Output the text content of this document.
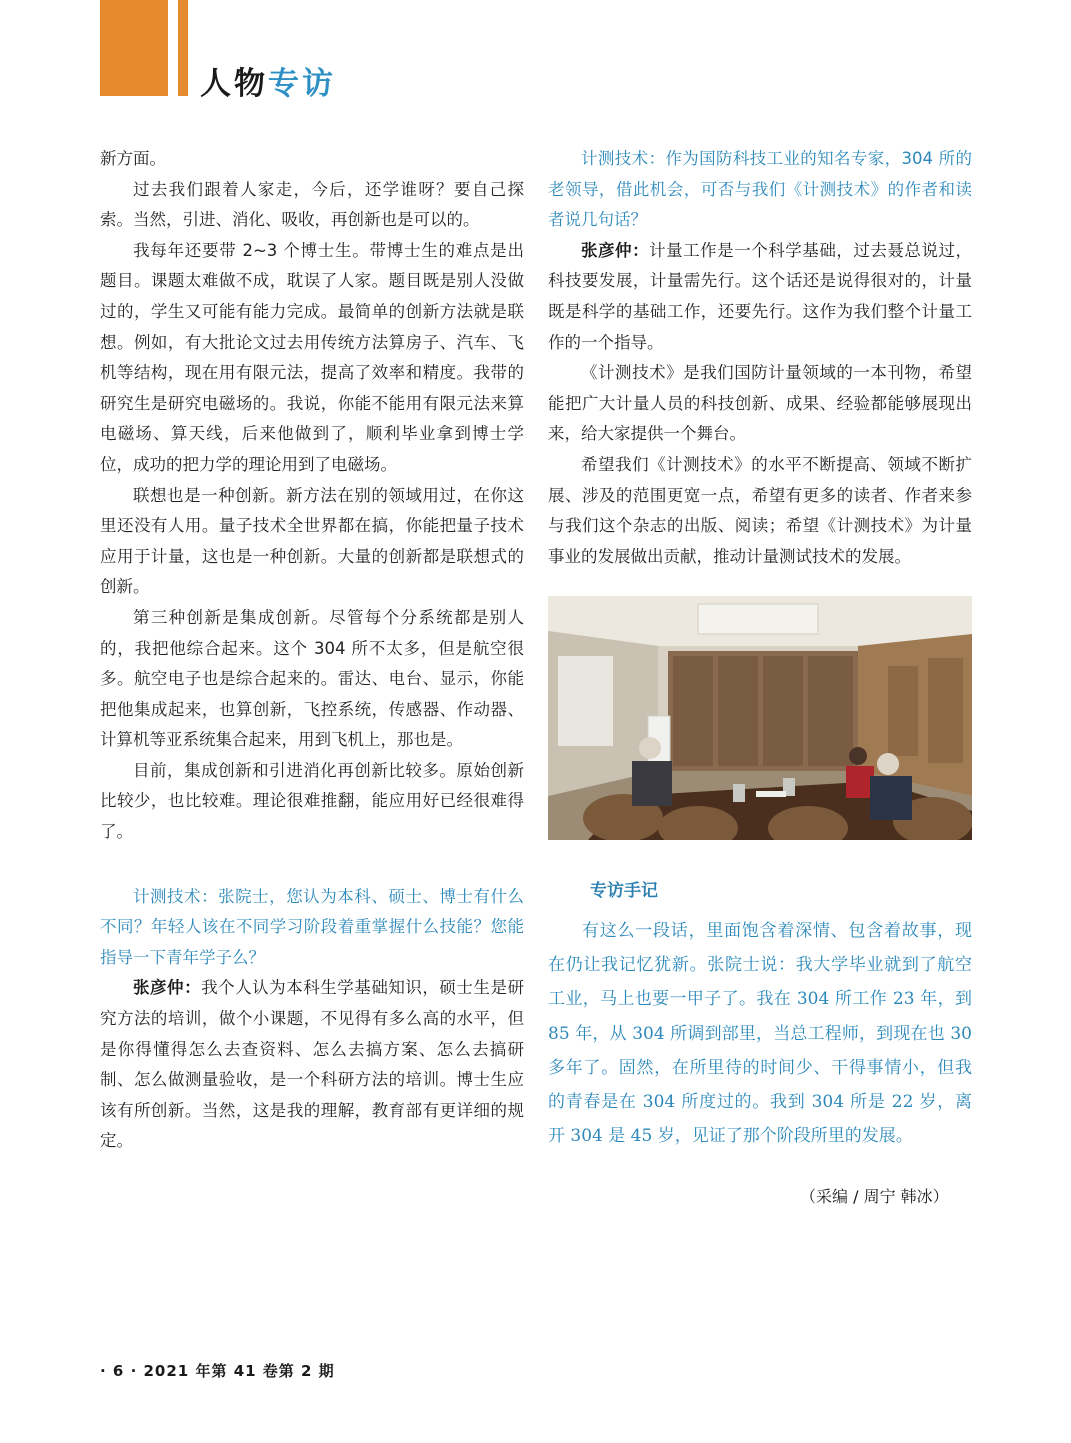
人物专访

新方面。

过去我们跟着人家走，今后，还学谁呀？要自己探索。当然，引进、消化、吸收，再创新也是可以的。

我每年还要带 2~3 个博士生。带博士生的难点是出题目。课题太难做不成，耽误了人家。题目既是别人没做过的，学生又可能有能力完成。最简单的创新方法就是联想。例如，有大批论文过去用传统方法算房子、汽车、飞机等结构，现在用有限元法，提高了效率和精度。我带的研究生是研究电磁场的。我说，你能不能用有限元法来算电磁场、算天线，后来他做到了，顺利毕业拿到博士学位，成功的把力学的理论用到了电磁场。

联想也是一种创新。新方法在别的领域用过，在你这里还没有人用。量子技术全世界都在搞，你能把量子技术应用于计量，这也是一种创新。大量的创新都是联想式的创新。

第三种创新是集成创新。尽管每个分系统都是别人的，我把他综合起来。这个 304 所不太多，但是航空很多。航空电子也是综合起来的。雷达、电台、显示，你能把他集成起来，也算创新，飞控系统，传感器、作动器、计算机等亚系统集合起来，用到飞机上，那也是。

目前，集成创新和引进消化再创新比较多。原始创新比较少，也比较难。理论很难推翻，能应用好已经很难得了。

计测技术：张院士，您认为本科、硕士、博士有什么不同？年轻人该在不同学习阶段着重掌握什么技能？您能指导一下青年学子么？

张彦仲：我个人认为本科生学基础知识，硕士生是研究方法的培训，做个小课题，不见得有多么高的水平，但是你得懂得怎么去查资料、怎么去搞方案、怎么去搞研制、怎么做测量验收，是一个科研方法的培训。博士生应该有所创新。当然，这是我的理解，教育部有更详细的规定。

计测技术：作为国防科技工业的知名专家，304 所的老领导，借此机会，可否与我们《计测技术》的作者和读者说几句话？

张彦仲：计量工作是一个科学基础，过去聂总说过，科技要发展，计量需先行。这个话还是说得很对的，计量既是科学的基础工作，还要先行。这作为我们整个计量工作的一个指导。

《计测技术》是我们国防计量领域的一本刊物，希望能把广大计量人员的科技创新、成果、经验都能够展现出来，给大家提供一个舞台。

希望我们《计测技术》的水平不断提高、领域不断扩展、涉及的范围更宽一点，希望有更多的读者、作者来参与我们这个杂志的出版、阅读；希望《计测技术》为计量事业的发展做出贡献，推动计量测试技术的发展。

专访手记

有这么一段话，里面饱含着深情、包含着故事，现在仍让我记忆犹新。张院士说：我大学毕业就到了航空工业，马上也要一甲子了。我在 304 所工作 23 年，到 85 年，从 304 所调到部里，当总工程师，到现在也 30 多年了。固然，在所里待的时间少、干得事情小，但我的青春是在 304 所度过的。我到 304 所是 22 岁，离开 304 是 45 岁，见证了那个阶段所里的发展。

（采编 / 周宁 韩冰）
· 6 · 2021 年第 41 卷第 2 期
